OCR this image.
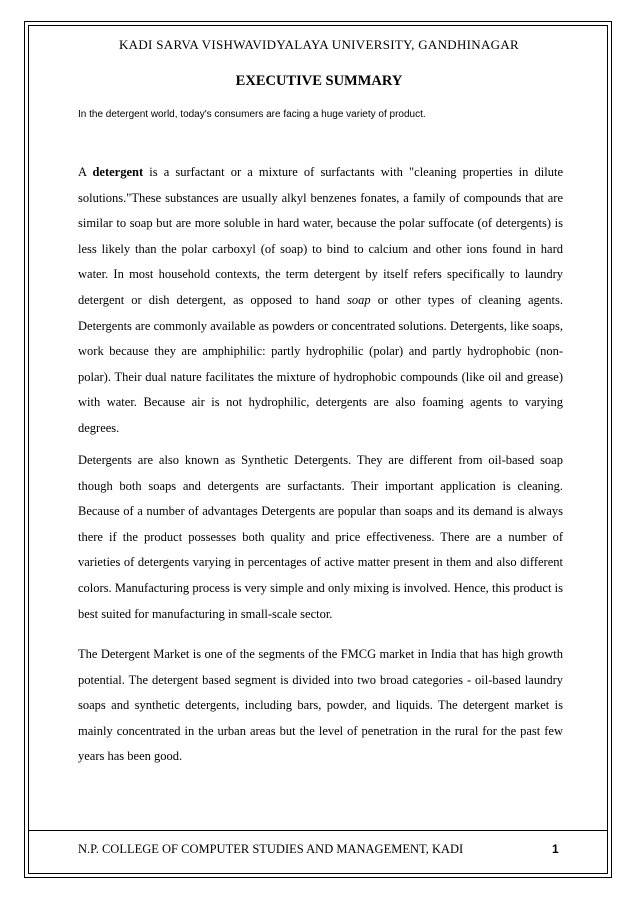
KADI SARVA VISHWAVIDYALAYA UNIVERSITY, GANDHINAGAR
EXECUTIVE SUMMARY
In the detergent world, today's consumers are facing a huge variety of product.
A detergent is a surfactant or a mixture of surfactants with "cleaning properties in dilute solutions."These substances are usually alkyl benzenes fonates, a family of compounds that are similar to soap but are more soluble in hard water, because the polar suffocate (of detergents) is less likely than the polar carboxyl (of soap) to bind to calcium and other ions found in hard water. In most household contexts, the term detergent by itself refers specifically to laundry detergent or dish detergent, as opposed to hand soap or other types of cleaning agents. Detergents are commonly available as powders or concentrated solutions. Detergents, like soaps, work because they are amphiphilic: partly hydrophilic (polar) and partly hydrophobic (non-polar). Their dual nature facilitates the mixture of hydrophobic compounds (like oil and grease) with water. Because air is not hydrophilic, detergents are also foaming agents to varying degrees.
Detergents are also known as Synthetic Detergents. They are different from oil-based soap though both soaps and detergents are surfactants. Their important application is cleaning. Because of a number of advantages Detergents are popular than soaps and its demand is always there if the product possesses both quality and price effectiveness. There are a number of varieties of detergents varying in percentages of active matter present in them and also different colors. Manufacturing process is very simple and only mixing is involved. Hence, this product is best suited for manufacturing in small-scale sector.
The Detergent Market is one of the segments of the FMCG market in India that has high growth potential. The detergent based segment is divided into two broad categories - oil-based laundry soaps and synthetic detergents, including bars, powder, and liquids. The detergent market is mainly concentrated in the urban areas but the level of penetration in the rural for the past few years has been good.
N.P. COLLEGE OF COMPUTER STUDIES AND MANAGEMENT, KADI	1
